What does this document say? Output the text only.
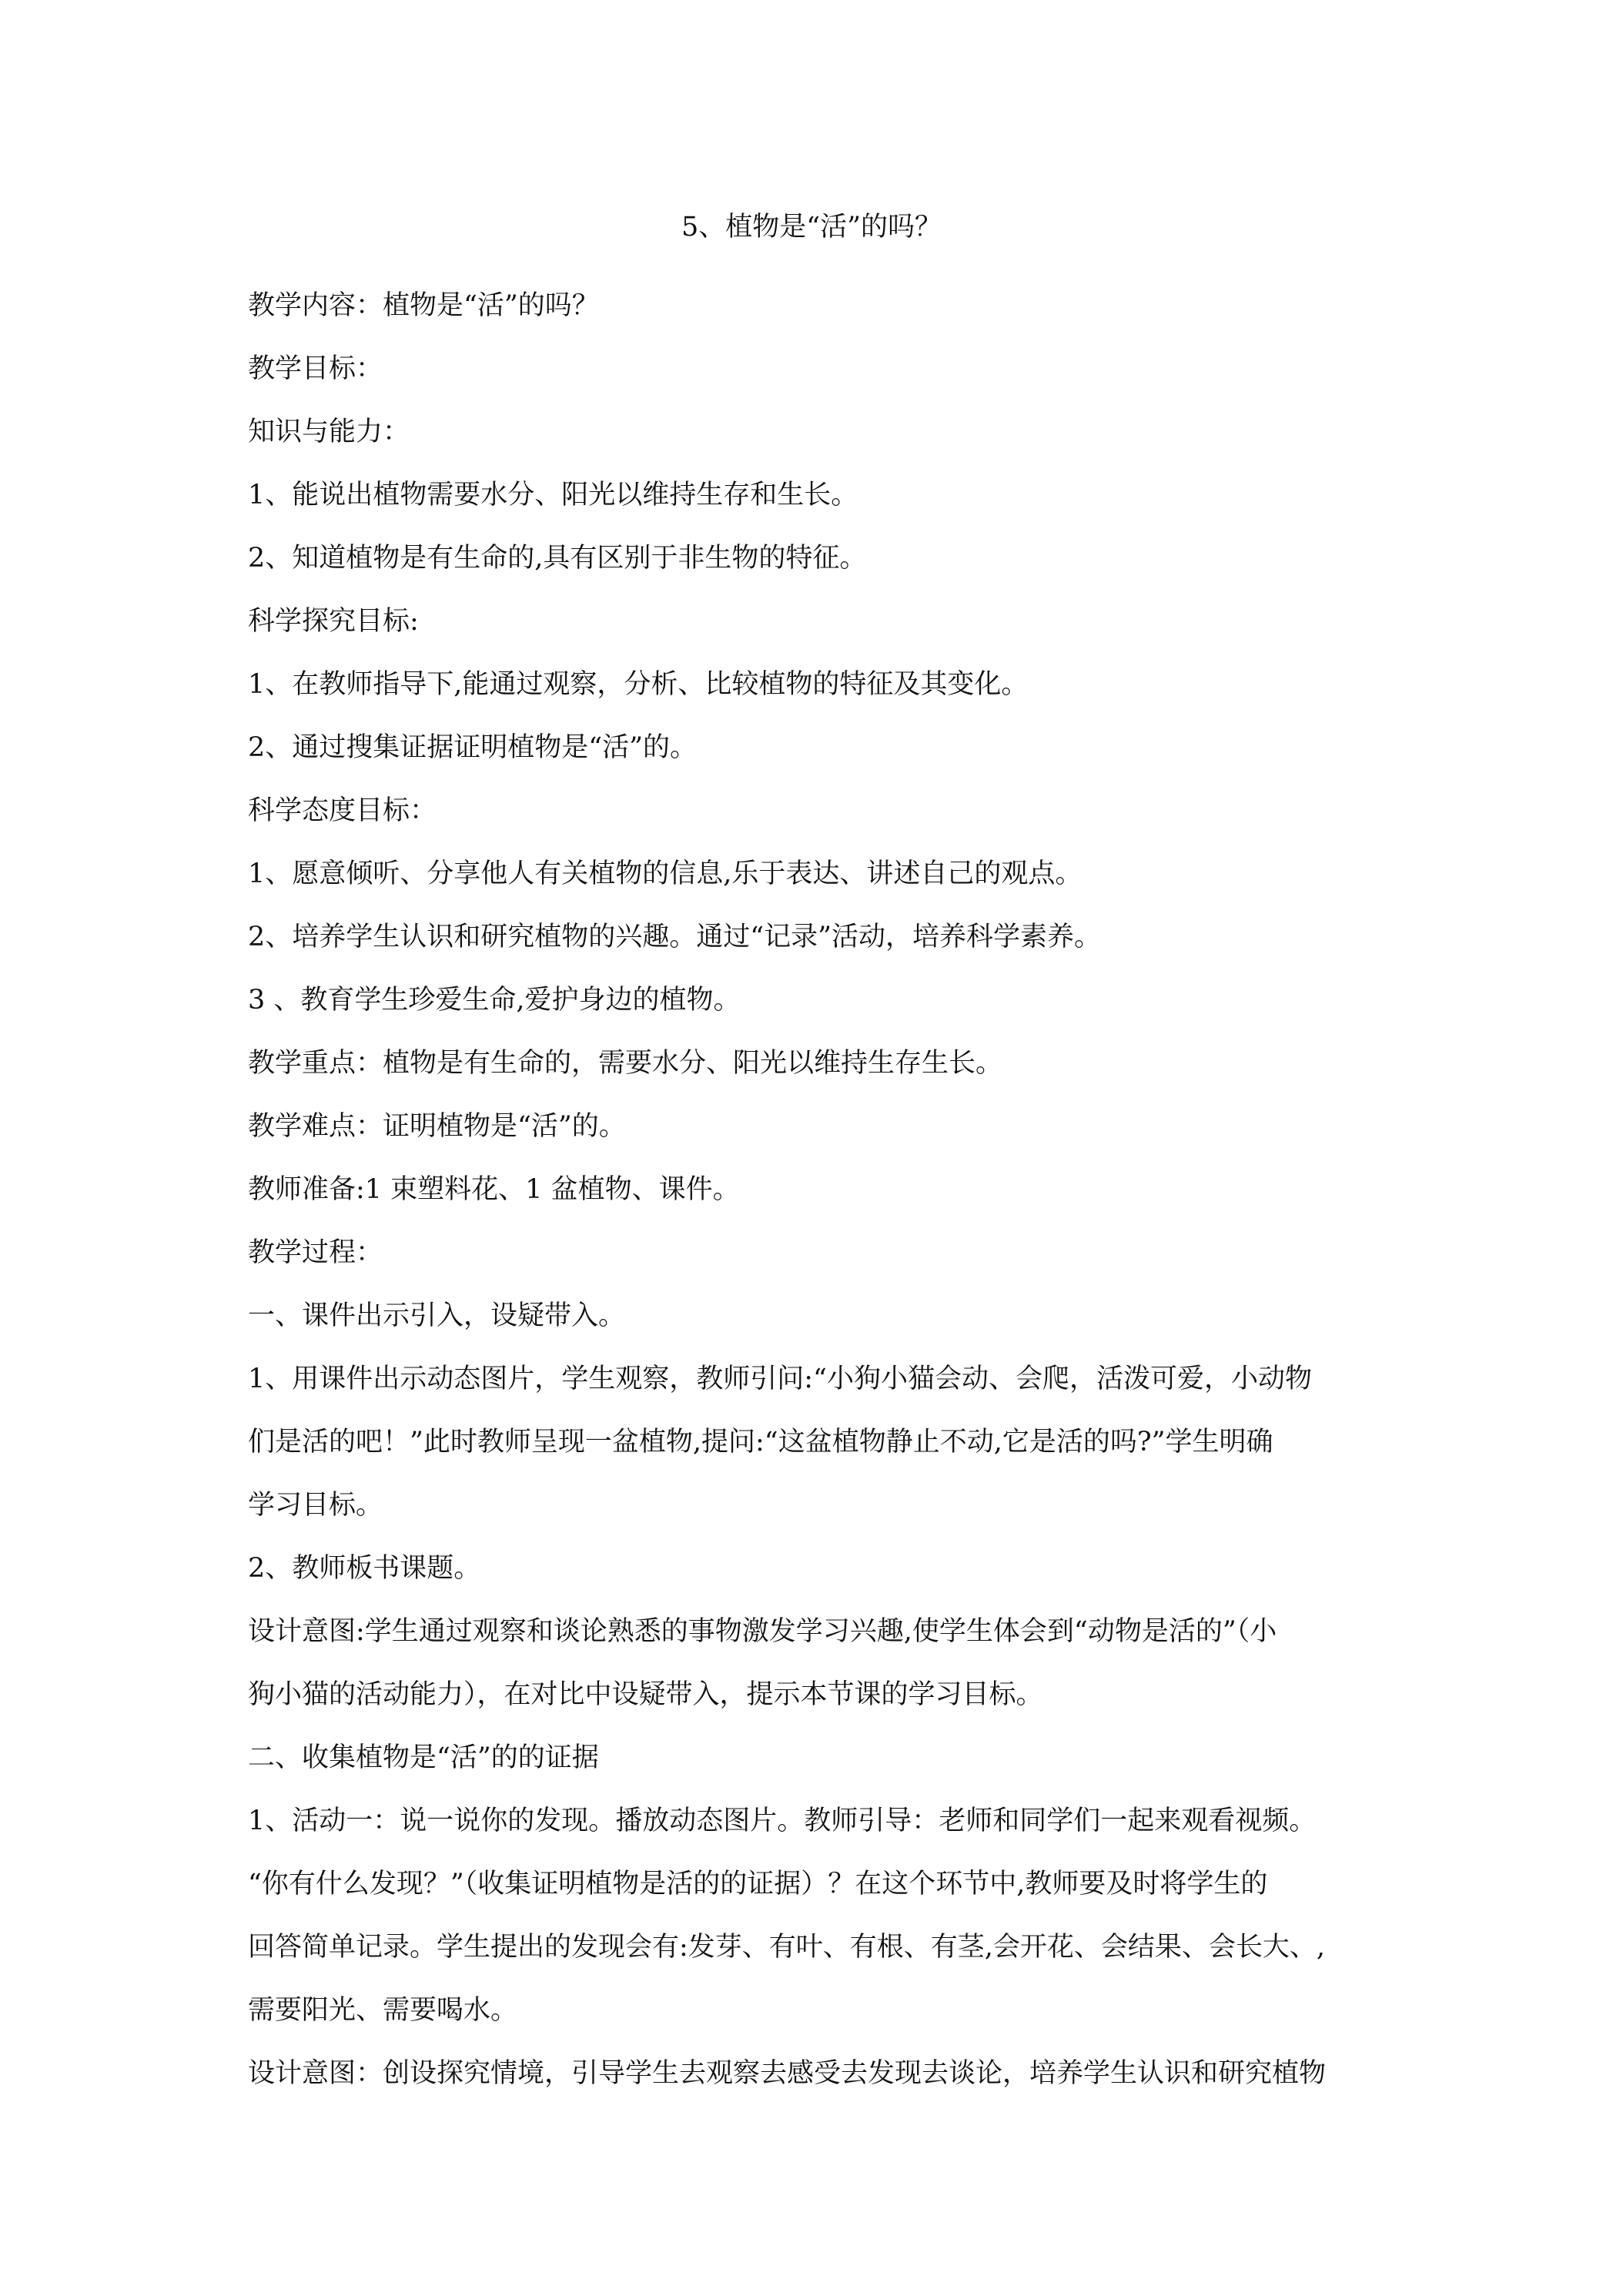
5、植物是“活”的吗？

教学内容：植物是“活”的吗？

教学目标：

知识与能力：

1、能说出植物需要水分、阳光以维持生存和生长。

2、知道植物是有生命的,具有区别于非生物的特征。

科学探究目标:

1、在教师指导下,能通过观察，分析、比较植物的特征及其变化。

2、通过搜集证据证明植物是“活”的。

科学态度目标：

1、愿意倾听、分享他人有关植物的信息,乐于表达、讲述自己的观点。

2、培养学生认识和研究植物的兴趣。通过“记录”活动，培养科学素养。

3 、教育学生珍爱生命,爱护身边的植物。

教学重点：植物是有生命的，需要水分、阳光以维持生存生长。

教学难点：证明植物是“活”的。

教师准备:1 束塑料花、1 盆植物、课件。

教学过程：

一、课件出示引入，设疑带入。

1、用课件出示动态图片，学生观察，教师引问:“小狗小猫会动、会爬，活泼可爱，小动物

们是活的吧！”此时教师呈现一盆植物,提问:“这盆植物静止不动,它是活的吗?”学生明确

学习目标。

2、教师板书课题。

设计意图:学生通过观察和谈论熟悉的事物激发学习兴趣,使学生体会到“动物是活的”（小

狗小猫的活动能力），在对比中设疑带入，提示本节课的学习目标。

二、收集植物是“活”的的证据

1、活动一：说一说你的发现。播放动态图片。教师引导：老师和同学们一起来观看视频。

“你有什么发现？”（收集证明植物是活的的证据）？在这个环节中,教师要及时将学生的

回答简单记录。学生提出的发现会有:发芽、有叶、有根、有茎,会开花、会结果、会长大、,

需要阳光、需要喝水。

设计意图：创设探究情境，引导学生去观察去感受去发现去谈论，培养学生认识和研究植物
